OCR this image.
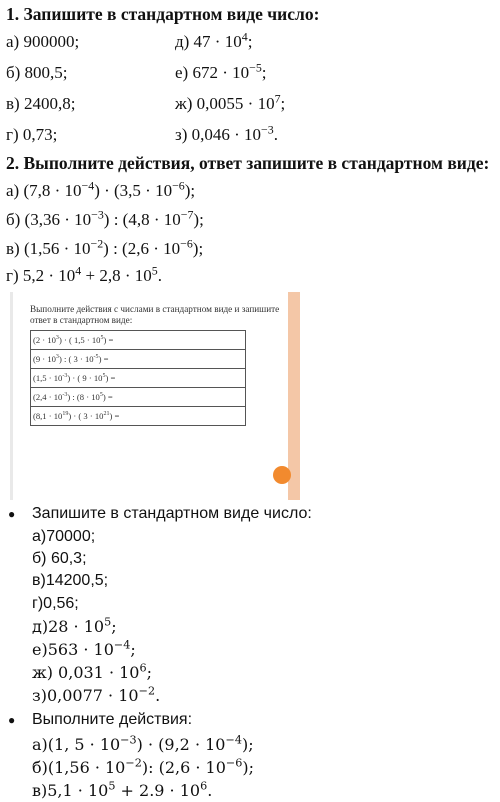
1. Запишите в стандартном виде число:
а) 900000;
б) 800,5;
в) 2400,8;
г) 0,73;
д) $47 \cdot 10^4$;
е) $672 \cdot 10^{-5}$;
ж) $0,0055 \cdot 10^7$;
з) $0,046 \cdot 10^{-3}$.
2. Выполните действия, ответ запишите в стандартном виде:
а) $(7,8 \cdot 10^{-4}) \cdot (3,5 \cdot 10^{-6})$;
б) $(3,36 \cdot 10^{-3})$ : $(4,8 \cdot 10^{-7})$;
в) $(1,56 \cdot 10^{-2})$ : $(2,6 \cdot 10^{-6})$;
г) $5,2 \cdot 10^4 + 2,8 \cdot 10^5$.
Выполните действия с числами в стандартном виде и запишите ответ в стандартном виде:
$(2 \cdot 10^3)$ · ( $1,5 \cdot 10^5$) =
$(9 \cdot 10^3)$ : ( $3 \cdot 10^{-5}$) =
$(1,5 \cdot 10^{-3})$ · ( $9 \cdot 10^5$) =
$(2,4 \cdot 10^{-3})$ : $(8 \cdot 10^5)$ =
$(8,1 \cdot 10^{19})$ · ( $3 \cdot 10^{21}$) =
● Запишите в стандартном виде число:
а)70000;
б) 60,3;
в)14200,5;
г)0,56;
$д)28 \cdot 10^5$;
$е)563 \cdot 10^{-4}$;
ж) $0,031 \cdot 10^6$;
$з)0,0077 \cdot 10^{-2}$.
● Выполните действия:
а)(1, $5 \cdot 10^{-3}) \cdot (9,2 \cdot 10^{-4})$;
$б)(1,56 \cdot 10^{-2})$: $(2,6 \cdot 10^{-6})$;
$в)5,1 \cdot 10^5 + 2.9 \cdot 10^6$.
